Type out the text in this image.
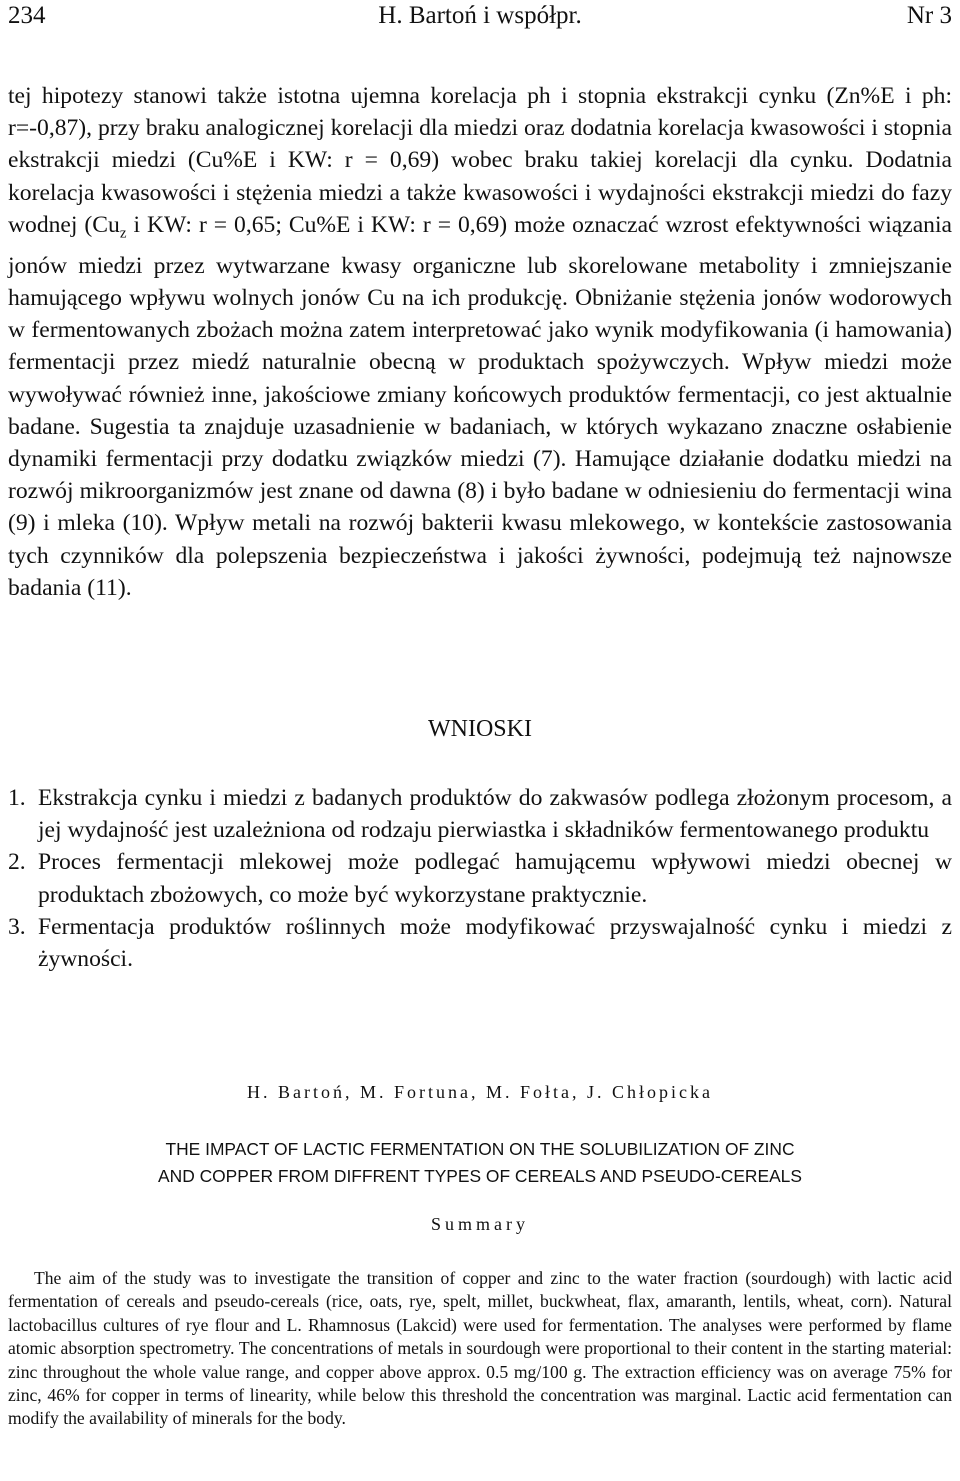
234	H. Bartoń i współpr.	Nr 3

tej hipotezy stanowi także istotna ujemna korelacja ph i stopnia ekstrakcji cynku (Zn%E i ph: r=-0,87), przy braku analogicznej korelacji dla miedzi oraz dodatnia korelacja kwasowości i stopnia ekstrakcji miedzi (Cu%E i KW: r = 0,69) wobec braku takiej korelacji dla cynku. Dodatnia korelacja kwasowości i stężenia miedzi a także kwasowości i wydajności ekstrakcji miedzi do fazy wodnej ($Cu_z$ i KW: r = 0,65; Cu%E i KW: r = 0,69) może oznaczać wzrost efektywności wiązania jonów miedzi przez wytwarzane kwasy organiczne lub skorelowane metabolity i zmniejszanie hamującego wpływu wolnych jonów Cu na ich produkcję. Obniżanie stężenia jonów wodorowych w fermentowanych zbożach można zatem interpretować jako wynik modyfikowania (i hamowania) fermentacji przez miedź naturalnie obecną w produktach spożywczych. Wpływ miedzi może wywoływać również inne, jakościowe zmiany końcowych produktów fermentacji, co jest aktualnie badane. Sugestia ta znajduje uzasadnienie w badaniach, w których wykazano znaczne osłabienie dynamiki fermentacji przy dodatku związków miedzi (7). Hamujące działanie dodatku miedzi na rozwój mikroorganizmów jest znane od dawna (8) i było badane w odniesieniu do fermentacji wina (9) i mleka (10). Wpływ metali na rozwój bakterii kwasu mlekowego, w kontekście zastosowania tych czynników dla polepszenia bezpieczeństwa i jakości żywności, podejmują też najnowsze badania (11).

WNIOSKI
1. Ekstrakcja cynku i miedzi z badanych produktów do zakwasów podlega złożonym procesom, a jej wydajność jest uzależniona od rodzaju pierwiastka i składników fermentowanego produktu
2. Proces fermentacji mlekowej może podlegać hamującemu wpływowi miedzi obecnej w produktach zbożowych, co może być wykorzystane praktycznie.
3. Fermentacja produktów roślinnych może modyfikować przyswajalność cynku i miedzi z żywności.
H. Bartoń, M. Fortuna, M. Fołta, J. Chłopicka
THE IMPACT OF LACTIC FERMENTATION ON THE SOLUBILIZATION OF ZINC
AND COPPER FROM DIFFRENT TYPES OF CEREALS AND PSEUDO-CEREALS
Summary

The aim of the study was to investigate the transition of copper and zinc to the water fraction (sourdough) with lactic acid fermentation of cereals and pseudo-cereals (rice, oats, rye, spelt, millet, buckwheat, flax, amaranth, lentils, wheat, corn). Natural lactobacillus cultures of rye flour and L. Rhamnosus (Lakcid) were used for fermentation. The analyses were performed by flame atomic absorption spectrometry. The concentrations of metals in sourdough were proportional to their content in the starting material: zinc throughout the whole value range, and copper above approx. 0.5 mg/100 g. The extraction efficiency was on average 75% for zinc, 46% for copper in terms of linearity, while below this threshold the concentration was marginal. Lactic acid fermentation can modify the availability of minerals for the body.
